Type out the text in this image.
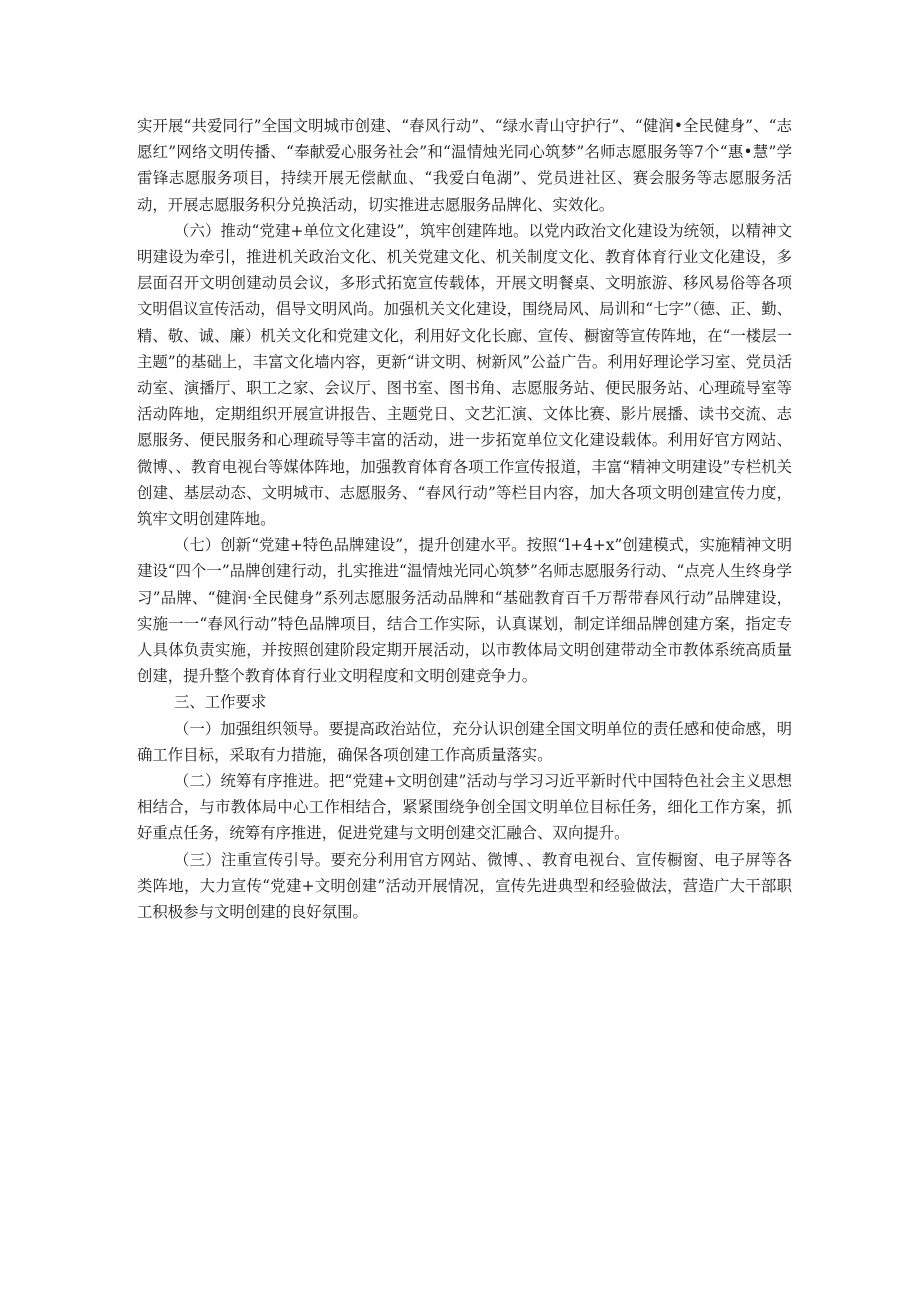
实开展“共爱同行”全国文明城市创建、“春风行动”、“绿水青山守护行”、“健润•全民健身”、“志愿红”网络文明传播、“奉献爱心服务社会”和“温情烛光同心筑梦”名师志愿服务等7个“惠•慧”学雷锋志愿服务项目，持续开展无偿献血、“我爱白龟湖”、党员进社区、赛会服务等志愿服务活动，开展志愿服务积分兑换活动，切实推进志愿服务品牌化、实效化。

（六）推动“党建+单位文化建设”，筑牢创建阵地。以党内政治文化建设为统领，以精神文明建设为牵引，推进机关政治文化、机关党建文化、机关制度文化、教育体育行业文化建设，多层面召开文明创建动员会议，多形式拓宽宣传载体，开展文明餐桌、文明旅游、移风易俗等各项文明倡议宣传活动，倡导文明风尚。加强机关文化建设，围绕局风、局训和“七字”（德、正、勤、精、敬、诚、廉）机关文化和党建文化，利用好文化长廊、宣传、橱窗等宣传阵地，在“一楼层一主题”的基础上，丰富文化墙内容，更新“讲文明、树新风”公益广告。利用好理论学习室、党员活动室、演播厅、职工之家、会议厅、图书室、图书角、志愿服务站、便民服务站、心理疏导室等活动阵地，定期组织开展宣讲报告、主题党日、文艺汇演、文体比赛、影片展播、读书交流、志愿服务、便民服务和心理疏导等丰富的活动，进一步拓宽单位文化建设载体。利用好官方网站、微博、、教育电视台等媒体阵地，加强教育体育各项工作宣传报道，丰富“精神文明建设”专栏机关创建、基层动态、文明城市、志愿服务、“春风行动”等栏目内容，加大各项文明创建宣传力度，筑牢文明创建阵地。

（七）创新“党建+特色品牌建设”，提升创建水平。按照“l+4+x”创建模式，实施精神文明建设“四个一”品牌创建行动，扎实推进“温情烛光同心筑梦”名师志愿服务行动、“点亮人生终身学习”品牌、“健润·全民健身”系列志愿服务活动品牌和“基础教育百千万帮带春风行动”品牌建设，实施一一“春风行动”特色品牌项目，结合工作实际，认真谋划，制定详细品牌创建方案，指定专人具体负责实施，并按照创建阶段定期开展活动，以市教体局文明创建带动全市教体系统高质量创建，提升整个教育体育行业文明程度和文明创建竞争力。

三、工作要求

（一）加强组织领导。要提高政治站位，充分认识创建全国文明单位的责任感和使命感，明确工作目标，采取有力措施，确保各项创建工作高质量落实。

（二）统筹有序推进。把“党建+文明创建”活动与学习习近平新时代中国特色社会主义思想相结合，与市教体局中心工作相结合，紧紧围绕争创全国文明单位目标任务，细化工作方案，抓好重点任务，统筹有序推进，促进党建与文明创建交汇融合、双向提升。

（三）注重宣传引导。要充分利用官方网站、微博、、教育电视台、宣传橱窗、电子屏等各类阵地，大力宣传“党建+文明创建”活动开展情况，宣传先进典型和经验做法，营造广大干部职工积极参与文明创建的良好氛围。
